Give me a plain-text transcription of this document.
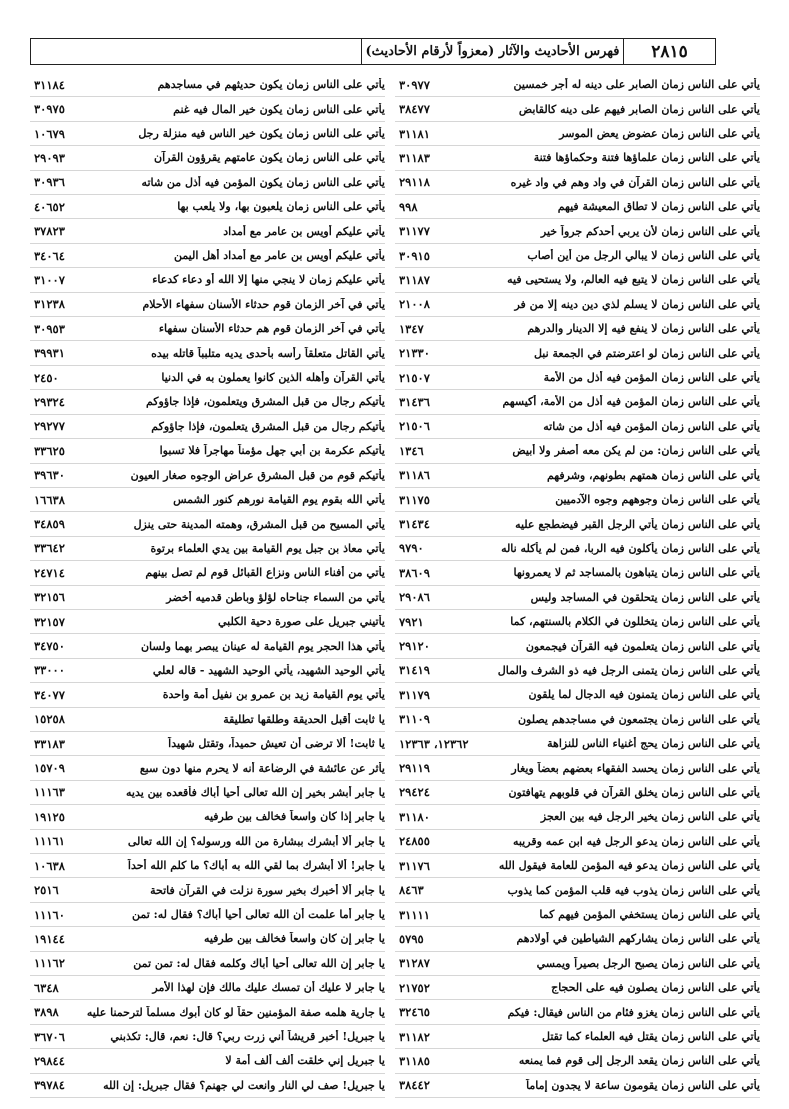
٢٨١٥
فهرس الأحاديث والآثار (معزواً لأرقام الأحاديث)
يأتي على الناس زمان الصابر على دينه له أجر خمسين
٣٠٩٧٧
يأتي على الناس زمان الصابر فيهم على دينه كالقابض
٣٨٤٧٧
يأتي على الناس زمان عضوض يعض الموسر
٣١١٨١
يأتي على الناس زمان علماؤها فتنة وحكماؤها فتنة
٣١١٨٣
يأتي على الناس زمان القرآن في واد وهم في واد غيره
٢٩١١٨
يأتي على الناس زمان لا تطاق المعيشة فيهم
٩٩٨
يأتي على الناس زمان لأن يربي أحدكم جرواً خير
٣١١٧٧
يأتي على الناس زمان لا يبالي الرجل من أين أصاب
٣٠٩١٥
يأتي على الناس زمان لا يتبع فيه العالم، ولا يستحيى فيه
٣١١٨٧
يأتي على الناس زمان لا يسلم لذي دين دينه إلا من فر
٢١٠٠٨
يأتي على الناس زمان لا ينفع فيه إلا الدينار والدرهم
١٣٤٧
يأتي على الناس زمان لو اعترضتم في الجمعة نبل
٢١٣٣٠
يأتي على الناس زمان المؤمن فيه أذل من الأمة
٢١٥٠٧
يأتي على الناس زمان المؤمن فيه أذل من الأمة، أكيسهم
٣١٤٣٦
يأتي على الناس زمان المؤمن فيه أذل من شاته
٢١٥٠٦
يأتي على الناس زمان: من لم يكن معه أصفر ولا أبيض
١٣٤٦
يأتي على الناس زمان همتهم بطونهم، وشرفهم
٣١١٨٦
يأتي على الناس زمان وجوههم وجوه الآدميين
٣١١٧٥
يأتي على الناس زمان يأتي الرجل القبر فيضطجع عليه
٣١٤٣٤
يأتي على الناس زمان يأكلون فيه الربا، فمن لم يأكله ناله
٩٧٩٠
يأتي على الناس زمان يتباهون بالمساجد ثم لا يعمرونها
٣٨٦٠٩
يأتي على الناس زمان يتحلقون في المساجد وليس
٢٩٠٨٦
يأتي على الناس زمان يتخللون في الكلام بالسنتهم، كما
٧٩٢١
يأتي على الناس زمان يتعلمون فيه القرآن فيجمعون
٢٩١٢٠
يأتي على الناس زمان يتمنى الرجل فيه ذو الشرف والمال
٣١٤١٩
يأتي على الناس زمان يتمنون فيه الدجال لما يلقون
٣١١٧٩
يأتي على الناس زمان يجتمعون في مساجدهم يصلون
٣١١٠٩
يأتي على الناس زمان يحج أغنياء الناس للنزاهة
١٢٣٦٢، ١٢٣٦٣
يأتي على الناس زمان يحسد الفقهاء بعضهم بعضاً ويغار
٢٩١١٩
يأتي على الناس زمان يخلق القرآن في قلوبهم يتهافتون
٢٩٤٢٤
يأتي على الناس زمان يخير الرجل فيه بين العجز
٣١١٨٠
يأتي على الناس زمان يدعو الرجل فيه ابن عمه وقريبه
٢٤٨٥٥
يأتي على الناس زمان يدعو فيه المؤمن للعامة فيقول الله
٣١١٧٦
يأتي على الناس زمان يذوب فيه قلب المؤمن كما يذوب
٨٤٦٣
يأتي على الناس زمان يستخفي المؤمن فيهم كما
٣١١١١
يأتي على الناس زمان يشاركهم الشياطين في أولادهم
٥٧٩٥
يأتي على الناس زمان يصبح الرجل بصيراً ويمسي
٣١٢٨٧
يأتي على الناس زمان يصلون فيه على الحجاج
٢١٧٥٢
يأتي على الناس زمان يغزو فئام من الناس فيقال: فيكم
٣٢٤٦٥
يأتي على الناس زمان يقتل فيه العلماء كما تقتل
٣١١٨٢
يأتي على الناس زمان يقعد الرجل إلى قوم فما يمنعه
٣١١٨٥
يأتي على الناس زمان يقومون ساعة لا يجدون إماماً
٣٨٤٤٢
يأتي على الناس زمان يكون حديثهم في مساجدهم
٣١١٨٤
يأتي على الناس زمان يكون خير المال فيه غنم
٣٠٩٧٥
يأتي على الناس زمان يكون خير الناس فيه منزلة رجل
١٠٦٧٩
يأتي على الناس زمان يكون عامتهم يقرؤون القرآن
٢٩٠٩٣
يأتي على الناس زمان يكون المؤمن فيه أذل من شاته
٣٠٩٣٦
يأتي على الناس زمان يلعبون بها، ولا يلعب بها
٤٠٦٥٢
يأتي عليكم أويس بن عامر مع أمداد
٣٧٨٢٣
يأتي عليكم أويس بن عامر مع أمداد أهل اليمن
٣٤٠٦٤
يأتي عليكم زمان لا ينجي منها إلا الله أو دعاء كدعاء
٣١٠٠٧
يأتي في آخر الزمان قوم حدثاء الأسنان سفهاء الأحلام
٣١٢٣٨
يأتي في آخر الزمان قوم هم حدثاء الأسنان سفهاء
٣٠٩٥٣
يأتي القاتل متعلقاً رأسه بأحدى يديه متلبباً قاتله بيده
٣٩٩٣١
يأتي القرآن وأهله الذين كانوا يعملون به في الدنيا
٢٤٥٠
يأتيكم رجال من قبل المشرق ويتعلمون، فإذا جاؤوكم
٢٩٣٢٤
يأتيكم رجال من قبل المشرق يتعلمون، فإذا جاؤوكم
٢٩٢٧٧
يأتيكم عكرمة بن أبي جهل مؤمناً مهاجراً فلا تسبوا
٣٣٦٢٥
يأتيكم قوم من قبل المشرق عراض الوجوه صغار العيون
٣٩٦٣٠
يأتي الله بقوم يوم القيامة نورهم كنور الشمس
١٦٦٣٨
يأتي المسيح من قبل المشرق، وهمته المدينة حتى ينزل
٣٤٨٥٩
يأتي معاذ بن جبل يوم القيامة بين يدي العلماء برتوة
٣٣٦٤٢
يأتي من أفناء الناس ونزاع القبائل قوم لم تصل بينهم
٢٤٧١٤
يأتي من السماء جناحاه لؤلؤ وباطن قدميه أخضر
٣٢١٥٦
يأتيني جبريل على صورة دحية الكلبي
٣٢١٥٧
يأتي هذا الحجر يوم القيامة له عينان يبصر بهما ولسان
٣٤٧٥٠
يأتي الوحيد الشهيد، يأتي الوحيد الشهيد - قاله لعلي
٣٣٠٠٠
يأتي يوم القيامة زيد بن عمرو بن نفيل أمة واحدة
٣٤٠٧٧
يا ثابت أقبل الحديقة وطلقها تطليقة
١٥٢٥٨
يا ثابت! ألا ترضى أن تعيش حميداً، وتقتل شهيداً
٣٣١٨٣
يأثر عن عائشة في الرضاعة أنه لا يحرم منها دون سبع
١٥٧٠٩
يا جابر أبشر بخير إن الله تعالى أحيا أباك فأقعده بين يديه
١١١٦٣
يا جابر إذا كان واسعاً فخالف بين طرفيه
١٩١٢٥
يا جابر ألا أبشرك ببشارة من الله ورسوله؟ إن الله تعالى
١١١٦١
يا جابر! ألا أبشرك بما لقي الله به أباك؟ ما كلم الله أحداً
١٠٦٣٨
يا جابر ألا أخبرك بخير سورة نزلت في القرآن فاتحة
٢٥١٦
يا جابر أما علمت أن الله تعالى أحيا أباك؟ فقال له: تمن
١١١٦٠
يا جابر إن كان واسعاً فخالف بين طرفيه
١٩١٤٤
يا جابر إن الله تعالى أحيا أباك وكلمه فقال له: تمن تمن
١١١٦٢
يا جابر لا عليك أن تمسك عليك مالك فإن لهذا الأمر
٦٣٤٨
يا جارية هلمه صفة المؤمنين حقاً لو كان أبوك مسلماً لترحمنا عليه
٣٨٩٨
يا جبريل! أخبر قريشاً أني زرت ربي؟ قال: نعم، قال: تكذبني
٣٦٧٠٦
يا جبريل إني خلقت ألف ألف أمة لا
٢٩٨٤٤
يا جبريل! صف لي النار وانعت لي جهنم؟ فقال جبريل: إن الله
٣٩٧٨٤
